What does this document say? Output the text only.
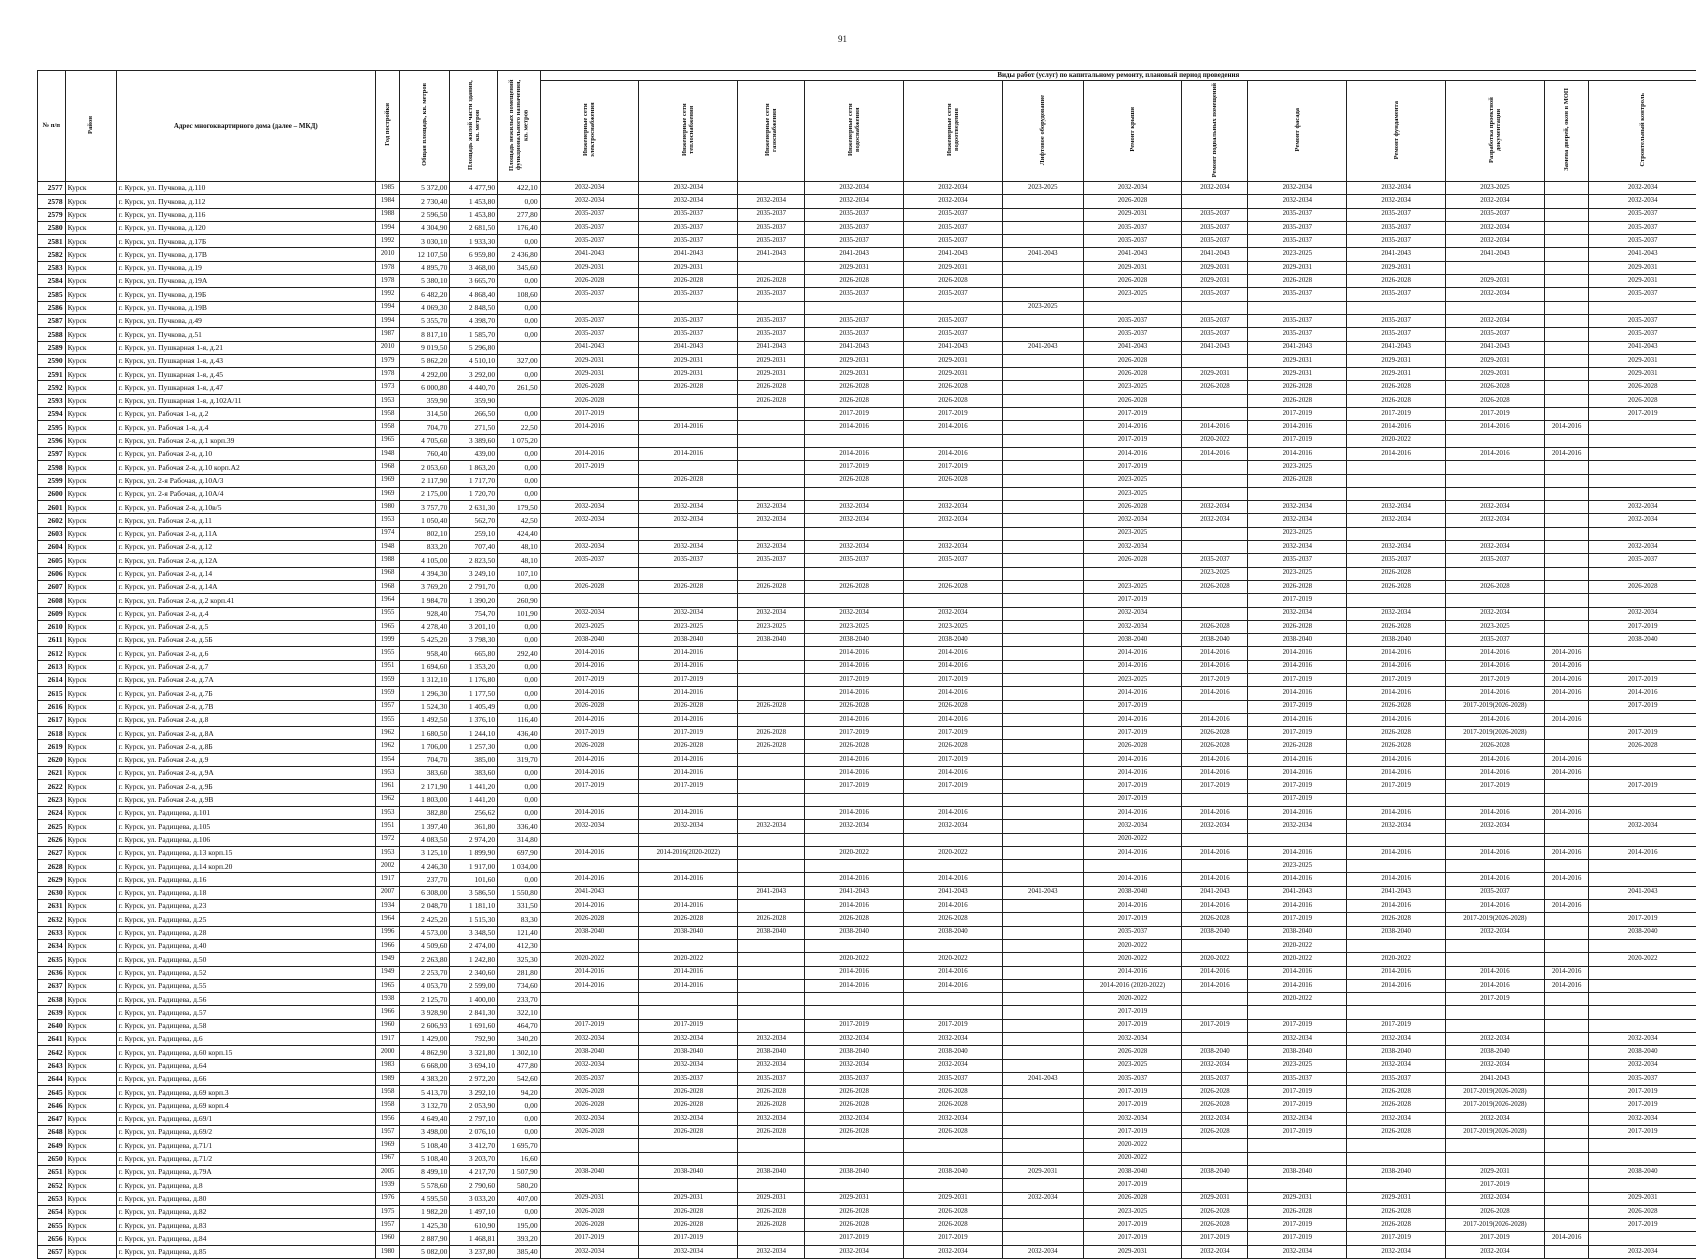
91
№ п/п	Район	Адрес многоквартирного дома (далее – МКД)	Год постройки	Общая площадь, кв. метров	Площадь жилой части здания, кв. метров	Площадь нежилых помещений функционального назначения, кв. метров	Виды работ (услуг) по капитальному ремонту, плановый период проведения												
							Инженерные сети электроснабжения	Инженерные сети теплоснабжения	Инженерные сети газоснабжения	Инженерные сети водоснабжения	Инженерные сети водоотведения	Лифтовое оборудование	Ремонт крыши	Ремонт подвальных помещений	Ремонт фасада	Ремонт фундамента	Разработка проектной документации	Замена дверей, окон в МОП	Строительный контроль
2577	Курск	г. Курск, ул. Пучкова, д.110	1985	5 372,00	4 477,90	422,10	2032-2034	2032-2034		2032-2034	2032-2034	2023-2025	2032-2034	2032-2034	2032-2034	2032-2034	2023-2025		2032-2034
2578	Курск	г. Курск, ул. Пучкова, д.112	1984	2 730,40	1 453,80	0,00	2032-2034	2032-2034	2032-2034	2032-2034	2032-2034		2026-2028		2032-2034	2032-2034	2032-2034		2032-2034
2579	Курск	г. Курск, ул. Пучкова, д.116	1988	2 596,50	1 453,80	277,80	2035-2037	2035-2037	2035-2037	2035-2037	2035-2037		2029-2031	2035-2037	2035-2037	2035-2037	2035-2037		2035-2037
2580	Курск	г. Курск, ул. Пучкова, д.120	1994	4 304,90	2 681,50	176,40	2035-2037	2035-2037	2035-2037	2035-2037	2035-2037		2035-2037	2035-2037	2035-2037	2035-2037	2032-2034		2035-2037
2581	Курск	г. Курск, ул. Пучкова, д.17Б	1992	3 030,10	1 933,30	0,00	2035-2037	2035-2037	2035-2037	2035-2037	2035-2037		2035-2037	2035-2037	2035-2037	2035-2037	2032-2034		2035-2037
2582	Курск	г. Курск, ул. Пучкова, д.17В	2010	12 107,50	6 959,80	2 436,80	2041-2043	2041-2043	2041-2043	2041-2043	2041-2043	2041-2043	2041-2043	2041-2043	2023-2025	2041-2043	2041-2043		2041-2043
2583	Курск	г. Курск, ул. Пучкова, д.19	1978	4 895,70	3 468,00	345,60	2029-2031	2029-2031		2029-2031	2029-2031		2029-2031	2029-2031	2029-2031	2029-2031			2029-2031
2584	Курск	г. Курск, ул. Пучкова, д.19А	1978	5 380,10	3 665,70	0,00	2026-2028	2026-2028	2026-2028	2026-2028	2026-2028		2026-2028	2029-2031	2026-2028	2026-2028	2029-2031		2029-2031
2585	Курск	г. Курск, ул. Пучкова, д.19Б	1992	6 482,20	4 868,40	108,60	2035-2037	2035-2037	2035-2037	2035-2037	2035-2037		2023-2025	2035-2037	2035-2037	2035-2037	2032-2034		2035-2037
2586	Курск	г. Курск, ул. Пучкова, д.19В	1994	4 069,30	2 848,50	0,00						2023-2025							
2587	Курск	г. Курск, ул. Пучкова, д.49	1994	5 355,70	4 398,70	0,00	2035-2037	2035-2037	2035-2037	2035-2037	2035-2037		2035-2037	2035-2037	2035-2037	2035-2037	2032-2034		2035-2037
2588	Курск	г. Курск, ул. Пучкова, д.51	1987	8 817,10	1 585,70	0,00	2035-2037	2035-2037	2035-2037	2035-2037	2035-2037		2035-2037	2035-2037	2035-2037	2035-2037	2035-2037		2035-2037
2589	Курск	г. Курск, ул. Пушкарная 1-я, д.21	2010	9 019,50	5 296,80		2041-2043	2041-2043	2041-2043	2041-2043	2041-2043	2041-2043	2041-2043	2041-2043	2041-2043	2041-2043	2041-2043		2041-2043
2590	Курск	г. Курск, ул. Пушкарная 1-я, д.43	1979	5 862,20	4 510,10	327,00	2029-2031	2029-2031	2029-2031	2029-2031	2029-2031		2026-2028		2029-2031	2029-2031	2029-2031		2029-2031
2591	Курск	г. Курск, ул. Пушкарная 1-я, д.45	1978	4 292,00	3 292,00	0,00	2029-2031	2029-2031	2029-2031	2029-2031	2029-2031		2026-2028	2029-2031	2029-2031	2029-2031	2029-2031		2029-2031
2592	Курск	г. Курск, ул. Пушкарная 1-я, д.47	1973	6 000,80	4 440,70	261,50	2026-2028	2026-2028	2026-2028	2026-2028	2026-2028		2023-2025	2026-2028	2026-2028	2026-2028	2026-2028		2026-2028
2593	Курск	г. Курск, ул. Пушкарная 1-я, д.102А/11	1953	359,90	359,90		2026-2028		2026-2028	2026-2028	2026-2028		2026-2028		2026-2028	2026-2028	2026-2028		2026-2028
2594	Курск	г. Курск, ул. Рабочая 1-я, д.2	1958	314,50	266,50	0,00	2017-2019			2017-2019	2017-2019		2017-2019		2017-2019	2017-2019	2017-2019		2017-2019
2595	Курск	г. Курск, ул. Рабочая 1-я, д.4	1958	704,70	271,50	22,50	2014-2016	2014-2016		2014-2016	2014-2016		2014-2016	2014-2016	2014-2016	2014-2016	2014-2016	2014-2016	
2596	Курск	г. Курск, ул. Рабочая 2-я, д.1 корп.39	1965	4 705,60	3 389,60	1 075,20							2017-2019	2020-2022	2017-2019	2020-2022			
2597	Курск	г. Курск, ул. Рабочая 2-я, д.10	1948	760,40	439,00	0,00	2014-2016	2014-2016		2014-2016	2014-2016		2014-2016	2014-2016	2014-2016	2014-2016	2014-2016	2014-2016	
2598	Курск	г. Курск, ул. Рабочая 2-я, д.10 корп.А2	1968	2 053,60	1 863,20	0,00	2017-2019			2017-2019	2017-2019		2017-2019		2023-2025				
2599	Курск	г. Курск, ул. 2-я Рабочая, д.10А/3	1969	2 117,90	1 717,70	0,00		2026-2028		2026-2028	2026-2028		2023-2025		2026-2028				
2600	Курск	г. Курск, ул. 2-я Рабочая, д.10А/4	1969	2 175,00	1 720,70	0,00							2023-2025						
2601	Курск	г. Курск, ул. Рабочая 2-я, д.10в/5	1980	3 757,70	2 631,30	179,50	2032-2034	2032-2034	2032-2034	2032-2034	2032-2034		2026-2028	2032-2034	2032-2034	2032-2034	2032-2034		2032-2034
2602	Курск	г. Курск, ул. Рабочая 2-я, д.11	1953	1 050,40	562,70	42,50	2032-2034	2032-2034	2032-2034	2032-2034	2032-2034		2032-2034	2032-2034	2032-2034	2032-2034	2032-2034		2032-2034
2603	Курск	г. Курск, ул. Рабочая 2-я, д.11А	1974	802,10	259,10	424,40							2023-2025		2023-2025				
2604	Курск	г. Курск, ул. Рабочая 2-я, д.12	1948	833,20	707,40	48,10	2032-2034	2032-2034	2032-2034	2032-2034	2032-2034		2032-2034		2032-2034	2032-2034	2032-2034		2032-2034
2605	Курск	г. Курск, ул. Рабочая 2-я, д.12А	1988	4 105,00	2 823,50	48,10	2035-2037	2035-2037	2035-2037	2035-2037	2035-2037		2026-2028	2035-2037	2035-2037	2035-2037	2035-2037		2035-2037
2606	Курск	г. Курск, ул. Рабочая 2-я, д.14	1968	4 394,30	3 249,10	107,10								2023-2025	2023-2025	2026-2028			
2607	Курск	г. Курск, ул. Рабочая 2-я, д.14А	1968	3 769,20	2 791,70	0,00	2026-2028	2026-2028	2026-2028	2026-2028	2026-2028		2023-2025	2026-2028	2026-2028	2026-2028	2026-2028		2026-2028
2608	Курск	г. Курск, ул. Рабочая 2-я, д.2 корп.41	1964	1 984,70	1 390,20	260,90							2017-2019		2017-2019				
2609	Курск	г. Курск, ул. Рабочая 2-я, д.4	1955	928,40	754,70	101,90	2032-2034	2032-2034	2032-2034	2032-2034	2032-2034		2032-2034		2032-2034	2032-2034	2032-2034		2032-2034
2610	Курск	г. Курск, ул. Рабочая 2-я, д.5	1965	4 278,40	3 201,10	0,00	2023-2025	2023-2025	2023-2025	2023-2025	2023-2025		2032-2034	2026-2028	2026-2028	2026-2028	2023-2025		2017-2019
2611	Курск	г. Курск, ул. Рабочая 2-я, д.5Б	1999	5 425,20	3 798,30	0,00	2038-2040	2038-2040	2038-2040	2038-2040	2038-2040		2038-2040	2038-2040	2038-2040	2038-2040	2035-2037		2038-2040
2612	Курск	г. Курск, ул. Рабочая 2-я, д.6	1955	958,40	665,80	292,40	2014-2016	2014-2016		2014-2016	2014-2016		2014-2016	2014-2016	2014-2016	2014-2016	2014-2016	2014-2016	
2613	Курск	г. Курск, ул. Рабочая 2-я, д.7	1951	1 694,60	1 353,20	0,00	2014-2016	2014-2016		2014-2016	2014-2016		2014-2016	2014-2016	2014-2016	2014-2016	2014-2016	2014-2016	
2614	Курск	г. Курск, ул. Рабочая 2-я, д.7А	1959	1 312,10	1 176,80	0,00	2017-2019	2017-2019		2017-2019	2017-2019		2023-2025	2017-2019	2017-2019	2017-2019	2017-2019	2014-2016	2017-2019
2615	Курск	г. Курск, ул. Рабочая 2-я, д.7Б	1959	1 296,30	1 177,50	0,00	2014-2016	2014-2016		2014-2016	2014-2016		2014-2016	2014-2016	2014-2016	2014-2016	2014-2016	2014-2016	2014-2016
2616	Курск	г. Курск, ул. Рабочая 2-я, д.7В	1957	1 524,30	1 405,49	0,00	2026-2028	2026-2028	2026-2028	2026-2028	2026-2028		2017-2019		2017-2019	2026-2028	2017-2019(2026-2028)		2017-2019
2617	Курск	г. Курск, ул. Рабочая 2-я, д.8	1955	1 492,50	1 376,10	116,40	2014-2016	2014-2016		2014-2016	2014-2016		2014-2016	2014-2016	2014-2016	2014-2016	2014-2016	2014-2016	
2618	Курск	г. Курск, ул. Рабочая 2-я, д.8А	1962	1 680,50	1 244,10	436,40	2017-2019	2017-2019	2026-2028	2017-2019	2017-2019		2017-2019	2026-2028	2017-2019	2026-2028	2017-2019(2026-2028)		2017-2019
2619	Курск	г. Курск, ул. Рабочая 2-я, д.8Б	1962	1 706,00	1 257,30	0,00	2026-2028	2026-2028	2026-2028	2026-2028	2026-2028		2026-2028	2026-2028	2026-2028	2026-2028	2026-2028		2026-2028
2620	Курск	г. Курск, ул. Рабочая 2-я, д.9	1954	704,70	385,00	319,70	2014-2016	2014-2016		2014-2016	2017-2019		2014-2016	2014-2016	2014-2016	2014-2016	2014-2016	2014-2016	
2621	Курск	г. Курск, ул. Рабочая 2-я, д.9А	1953	383,60	383,60	0,00	2014-2016	2014-2016		2014-2016	2014-2016		2014-2016	2014-2016	2014-2016	2014-2016	2014-2016	2014-2016	
2622	Курск	г. Курск, ул. Рабочая 2-я, д.9Б	1961	2 171,90	1 441,20	0,00	2017-2019	2017-2019		2017-2019	2017-2019		2017-2019	2017-2019	2017-2019	2017-2019	2017-2019		2017-2019
2623	Курск	г. Курск, ул. Рабочая 2-я, д.9В	1962	1 803,00	1 441,20	0,00							2017-2019		2017-2019				
2624	Курск	г. Курск, ул. Радищева, д.101	1953	382,80	256,62	0,00	2014-2016	2014-2016		2014-2016	2014-2016		2014-2016	2014-2016	2014-2016	2014-2016	2014-2016	2014-2016	
2625	Курск	г. Курск, ул. Радищева, д.105	1951	1 397,40	361,80	336,40	2032-2034	2032-2034	2032-2034	2032-2034	2032-2034		2032-2034	2032-2034	2032-2034	2032-2034	2032-2034		2032-2034
2626	Курск	г. Курск, ул. Радищева, д.106	1972	4 083,50	2 974,20	314,80							2020-2022						
2627	Курск	г. Курск, ул. Радищева, д.13 корп.15	1953	3 125,10	1 899,90	697,90	2014-2016	2014-2016(2020-2022)		2020-2022	2020-2022		2014-2016	2014-2016	2014-2016	2014-2016	2014-2016	2014-2016	2014-2016
2628	Курск	г. Курск, ул. Радищева, д.14 корп.20	2002	4 246,30	1 917,00	1 034,00									2023-2025				
2629	Курск	г. Курск, ул. Радищева, д.16	1917	237,70	101,60	0,00	2014-2016	2014-2016		2014-2016	2014-2016		2014-2016	2014-2016	2014-2016	2014-2016	2014-2016	2014-2016	
2630	Курск	г. Курск, ул. Радищева, д.18	2007	6 308,00	3 586,50	1 550,80	2041-2043		2041-2043	2041-2043	2041-2043	2041-2043	2038-2040	2041-2043	2041-2043	2041-2043	2035-2037		2041-2043
2631	Курск	г. Курск, ул. Радищева, д.23	1934	2 048,70	1 181,10	331,50	2014-2016	2014-2016		2014-2016	2014-2016		2014-2016	2014-2016	2014-2016	2014-2016	2014-2016	2014-2016	
2632	Курск	г. Курск, ул. Радищева, д.25	1964	2 425,20	1 515,30	83,30	2026-2028	2026-2028	2026-2028	2026-2028	2026-2028		2017-2019	2026-2028	2017-2019	2026-2028	2017-2019(2026-2028)		2017-2019
2633	Курск	г. Курск, ул. Радищева, д.28	1996	4 573,00	3 348,50	121,40	2038-2040	2038-2040	2038-2040	2038-2040	2038-2040		2035-2037	2038-2040	2038-2040	2038-2040	2032-2034		2038-2040
2634	Курск	г. Курск, ул. Радищева, д.40	1966	4 509,60	2 474,00	412,30							2020-2022		2020-2022				
2635	Курск	г. Курск, ул. Радищева, д.50	1949	2 263,80	1 242,80	325,30	2020-2022	2020-2022		2020-2022	2020-2022		2020-2022	2020-2022	2020-2022	2020-2022			2020-2022
2636	Курск	г. Курск, ул. Радищева, д.52	1949	2 253,70	2 340,60	281,80	2014-2016	2014-2016		2014-2016	2014-2016		2014-2016	2014-2016	2014-2016	2014-2016	2014-2016	2014-2016	
2637	Курск	г. Курск, ул. Радищева, д.55	1965	4 053,70	2 599,00	734,60	2014-2016	2014-2016		2014-2016	2014-2016		2014-2016 (2020-2022)	2014-2016	2014-2016	2014-2016	2014-2016	2014-2016	
2638	Курск	г. Курск, ул. Радищева, д.56	1938	2 125,70	1 400,00	233,70							2020-2022		2020-2022		2017-2019		
2639	Курск	г. Курск, ул. Радищева, д.57	1966	3 928,90	2 841,30	322,10							2017-2019						
2640	Курск	г. Курск, ул. Радищева, д.58	1960	2 606,93	1 691,60	464,70	2017-2019	2017-2019		2017-2019	2017-2019		2017-2019	2017-2019	2017-2019	2017-2019			
2641	Курск	г. Курск, ул. Радищева, д.6	1917	1 429,00	792,90	340,20	2032-2034	2032-2034	2032-2034	2032-2034	2032-2034		2032-2034		2032-2034	2032-2034	2032-2034		2032-2034
2642	Курск	г. Курск, ул. Радищева, д.60 корп.15	2000	4 862,90	3 321,80	1 302,10	2038-2040	2038-2040	2038-2040	2038-2040	2038-2040		2026-2028	2038-2040	2038-2040	2038-2040	2038-2040		2038-2040
2643	Курск	г. Курск, ул. Радищева, д.64	1983	6 668,00	3 694,10	477,80	2032-2034	2032-2034	2032-2034	2032-2034	2032-2034		2023-2025	2032-2034	2023-2025	2032-2034	2032-2034		2032-2034
2644	Курск	г. Курск, ул. Радищева, д.66	1989	4 383,20	2 972,20	542,60	2035-2037	2035-2037	2035-2037	2035-2037	2035-2037	2041-2043	2035-2037	2035-2037	2035-2037	2035-2037	2041-2043		2035-2037
2645	Курск	г. Курск, ул. Радищева, д.69 корп.3	1958	5 413,70	3 292,10	94,20	2026-2028	2026-2028	2026-2028	2026-2028	2026-2028		2017-2019	2026-2028	2017-2019	2026-2028	2017-2019(2026-2028)		2017-2019
2646	Курск	г. Курск, ул. Радищева, д.69 корп.4	1958	3 132,70	2 053,90	0,00	2026-2028	2026-2028	2026-2028	2026-2028	2026-2028		2017-2019	2026-2028	2017-2019	2026-2028	2017-2019(2026-2028)		2017-2019
2647	Курск	г. Курск, ул. Радищева, д.69/1	1956	4 649,40	2 797,10	0,00	2032-2034	2032-2034	2032-2034	2032-2034	2032-2034		2032-2034	2032-2034	2032-2034	2032-2034	2032-2034		2032-2034
2648	Курск	г. Курск, ул. Радищева, д.69/2	1957	3 498,00	2 076,10	0,00	2026-2028	2026-2028	2026-2028	2026-2028	2026-2028		2017-2019	2026-2028	2017-2019	2026-2028	2017-2019(2026-2028)		2017-2019
2649	Курск	г. Курск, ул. Радищева, д.71/1	1969	5 108,40	3 412,70	1 695,70							2020-2022						
2650	Курск	г. Курск, ул. Радищева, д.71/2	1967	5 108,40	3 203,70	16,60							2020-2022						
2651	Курск	г. Курск, ул. Радищева, д.79А	2005	8 499,10	4 217,70	1 507,90	2038-2040	2038-2040	2038-2040	2038-2040	2038-2040	2029-2031	2038-2040	2038-2040	2038-2040	2038-2040	2029-2031		2038-2040
2652	Курск	г. Курск, ул. Радищева, д.8	1939	5 578,60	2 790,60	580,20							2017-2019				2017-2019		
2653	Курск	г. Курск, ул. Радищева, д.80	1976	4 595,50	3 033,20	407,00	2029-2031	2029-2031	2029-2031	2029-2031	2029-2031	2032-2034	2026-2028	2029-2031	2029-2031	2029-2031	2032-2034		2029-2031
2654	Курск	г. Курск, ул. Радищева, д.82	1975	1 982,20	1 497,10	0,00	2026-2028	2026-2028	2026-2028	2026-2028	2026-2028		2023-2025	2026-2028	2026-2028	2026-2028	2026-2028		2026-2028
2655	Курск	г. Курск, ул. Радищева, д.83	1957	1 425,30	610,90	195,00	2026-2028	2026-2028	2026-2028	2026-2028	2026-2028		2017-2019	2026-2028	2017-2019	2026-2028	2017-2019(2026-2028)		2017-2019
2656	Курск	г. Курск, ул. Радищева, д.84	1960	2 887,90	1 468,81	393,20	2017-2019	2017-2019		2017-2019	2017-2019		2017-2019	2017-2019	2017-2019	2017-2019	2017-2019	2014-2016	
2657	Курск	г. Курск, ул. Радищева, д.85	1980	5 082,00	3 237,80	385,40	2032-2034	2032-2034	2032-2034	2032-2034	2032-2034	2032-2034	2029-2031	2032-2034	2032-2034	2032-2034	2032-2034		2032-2034
